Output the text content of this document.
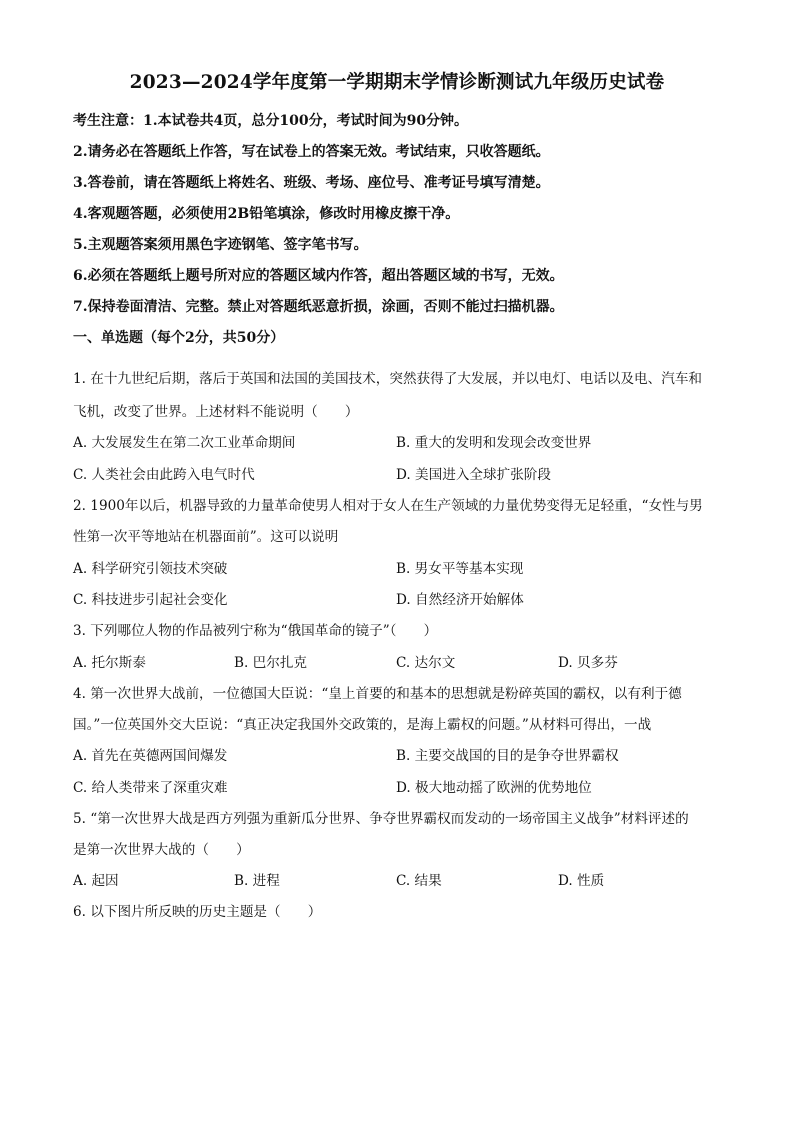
2023—2024学年度第一学期期末学情诊断测试九年级历史试卷
考生注意：1.本试卷共4页，总分100分，考试时间为90分钟。
2.请务必在答题纸上作答，写在试卷上的答案无效。考试结束，只收答题纸。
3.答卷前，请在答题纸上将姓名、班级、考场、座位号、准考证号填写清楚。
4.客观题答题，必须使用2B铅笔填涂，修改时用橡皮擦干净。
5.主观题答案须用黑色字迹钢笔、签字笔书写。
6.必须在答题纸上题号所对应的答题区域内作答，超出答题区域的书写，无效。
7.保持卷面清洁、完整。禁止对答题纸恶意折损，涂画，否则不能过扫描机器。
一、单选题（每个2分，共50分）
1. 在十九世纪后期，落后于英国和法国的美国技术，突然获得了大发展，并以电灯、电话以及电、汽车和
飞机，改变了世界。上述材料不能说明（　　）
A. 大发展发生在第二次工业革命期间	B. 重大的发明和发现会改变世界
C. 人类社会由此跨入电气时代	D. 美国进入全球扩张阶段
2. 1900年以后，机器导致的力量革命使男人相对于女人在生产领域的力量优势变得无足轻重，“女性与男
性第一次平等地站在机器面前”。这可以说明
A. 科学研究引领技术突破	B. 男女平等基本实现
C. 科技进步引起社会变化	D. 自然经济开始解体
3. 下列哪位人物的作品被列宁称为“俄国革命的镜子”（　　）
A. 托尔斯泰	B. 巴尔扎克	C. 达尔文	D. 贝多芬
4. 第一次世界大战前，一位德国大臣说：“皇上首要的和基本的思想就是粉碎英国的霸权，以有利于德
国。”一位英国外交大臣说：“真正决定我国外交政策的，是海上霸权的问题。”从材料可得出，一战
A. 首先在英德两国间爆发	B. 主要交战国的目的是争夺世界霸权
C. 给人类带来了深重灾难	D. 极大地动摇了欧洲的优势地位
5. “第一次世界大战是西方列强为重新瓜分世界、争夺世界霸权而发动的一场帝国主义战争”材料评述的
是第一次世界大战的（　　）
A. 起因	B. 进程	C. 结果	D. 性质
6. 以下图片所反映的历史主题是（　　）
